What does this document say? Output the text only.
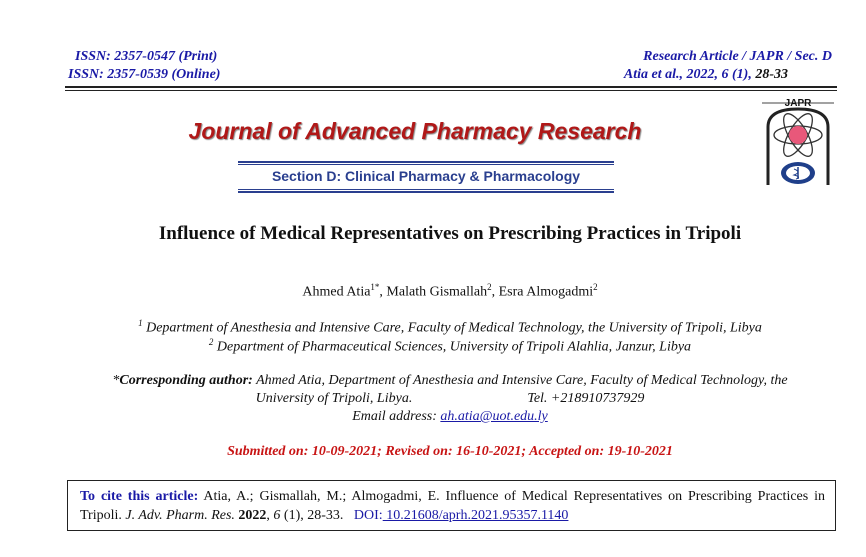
ISSN: 2357-0547 (Print)
ISSN: 2357-0539 (Online)
Research Article / JAPR / Sec. D
Atia et al., 2022, 6 (1), 28-33
Journal of Advanced Pharmacy Research
JAPR
Section D: Clinical Pharmacy & Pharmacology
Influence of Medical Representatives on Prescribing Practices in Tripoli
Ahmed Atia$^{1*}$, Malath Gismallah$^2$, Esra Almogadmi$^2$
$^1$ Department of Anesthesia and Intensive Care, Faculty of Medical Technology, the University of Tripoli, Libya
$^2$ Department of Pharmaceutical Sciences, University of Tripoli Alahlia, Janzur, Libya
*Corresponding author: Ahmed Atia, Department of Anesthesia and Intensive Care, Faculty of Medical Technology, the
University of Tripoli, Libya.	Tel. +218910737929
Email address: ah.atia@uot.edu.ly
Submitted on: 10-09-2021; Revised on: 16-10-2021; Accepted on: 19-10-2021
To cite this article: Atia, A.; Gismallah, M.; Almogadmi, E. Influence of Medical Representatives on Prescribing Practices in Tripoli. J. Adv. Pharm. Res. 2022, 6 (1), 28-33. DOI: 10.21608/aprh.2021.95357.1140
